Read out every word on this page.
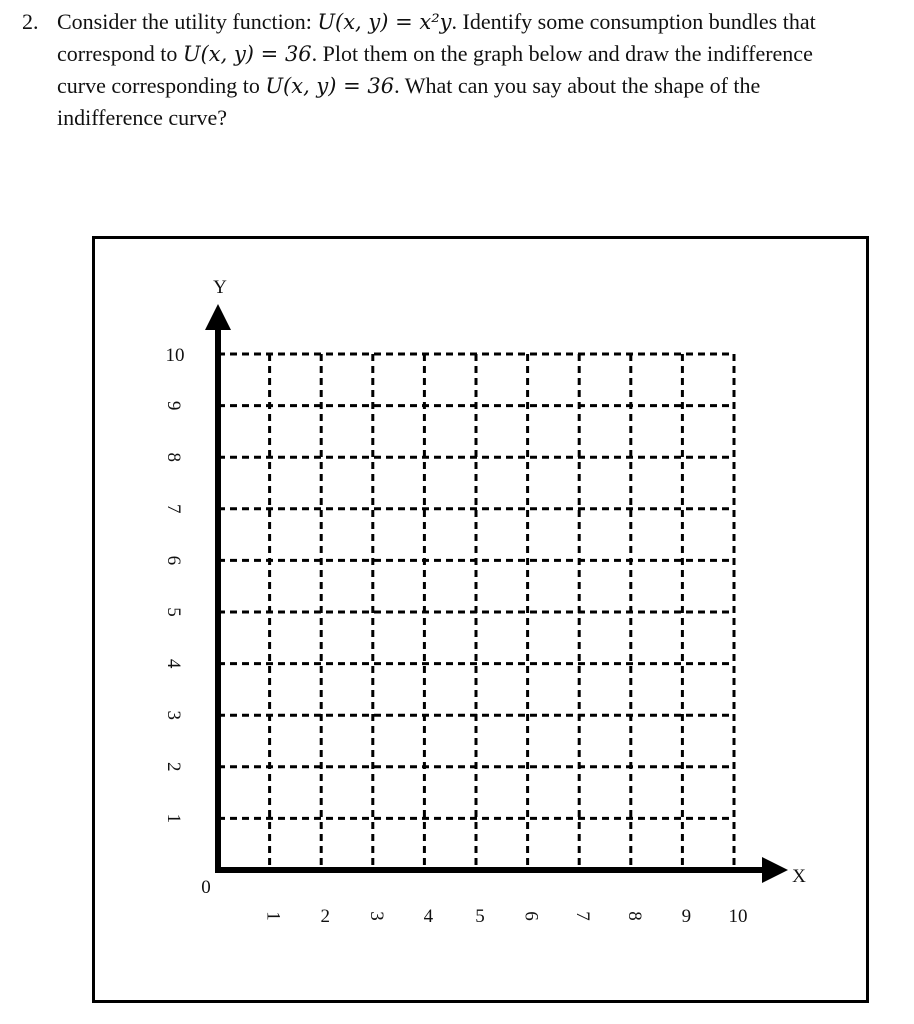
2. Consider the utility function: U(x, y) = x²y. Identify some consumption bundles that
correspond to U(x, y) = 36. Plot them on the graph below and draw the indifference
curve corresponding to U(x, y) = 36. What can you say about the shape of the
indifference curve?
Y
X
0
1
2
3
4
5
6
7
8
9
10
1 2 3 4 5 6 7 8 9 10
